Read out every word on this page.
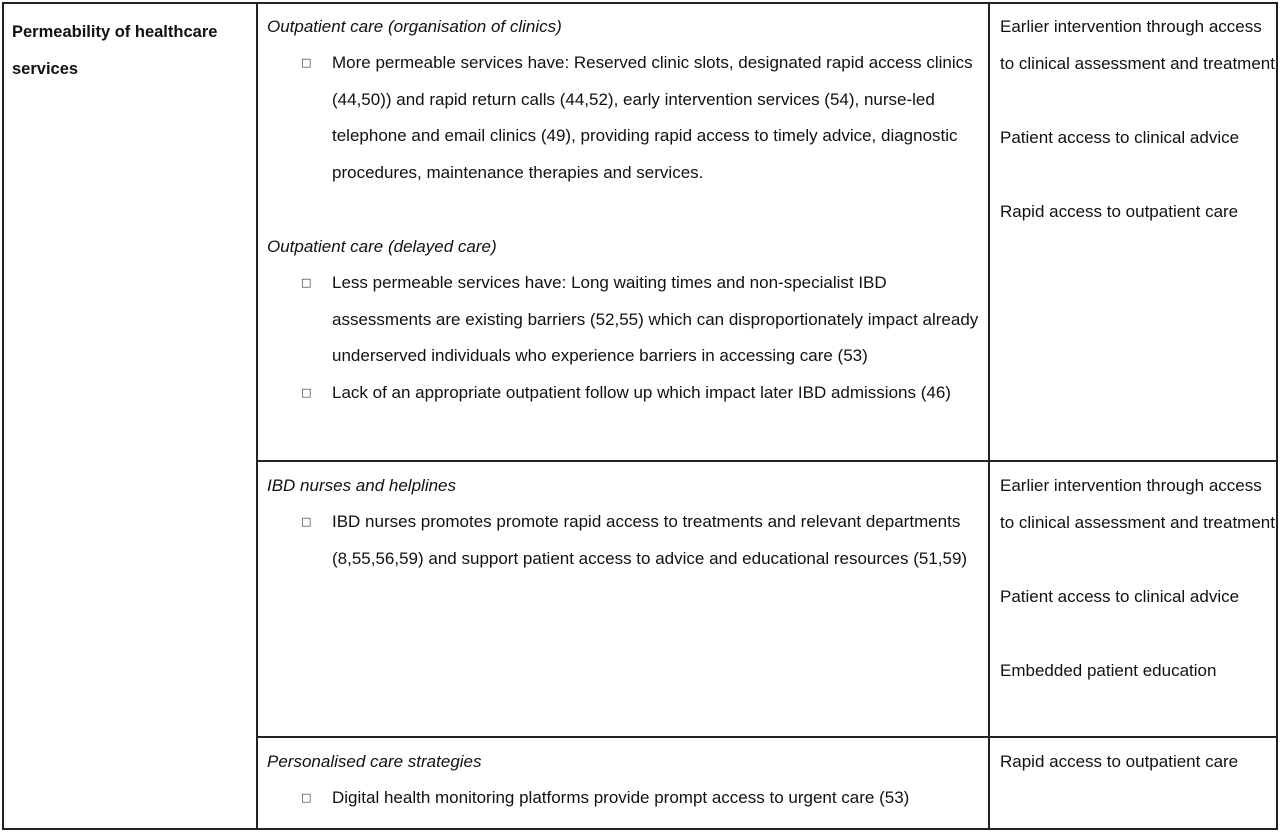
Permeability of healthcare services
Outpatient care (organisation of clinics)
□ More permeable services have: Reserved clinic slots, designated rapid access clinics (44,50)) and rapid return calls (44,52), early intervention services (54), nurse-led telephone and email clinics (49), providing rapid access to timely advice, diagnostic procedures, maintenance therapies and services.
Outpatient care (delayed care)
□ Less permeable services have: Long waiting times and non-specialist IBD assessments are existing barriers (52,55) which can disproportionately impact already underserved individuals who experience barriers in accessing care (53)
□ Lack of an appropriate outpatient follow up which impact later IBD admissions (46)
Earlier intervention through access to clinical assessment and treatment
Patient access to clinical advice
Rapid access to outpatient care
IBD nurses and helplines
□ IBD nurses promotes promote rapid access to treatments and relevant departments (8,55,56,59) and support patient access to advice and educational resources (51,59)
Earlier intervention through access to clinical assessment and treatment
Patient access to clinical advice
Embedded patient education
Personalised care strategies
□ Digital health monitoring platforms provide prompt access to urgent care (53)
Rapid access to outpatient care
